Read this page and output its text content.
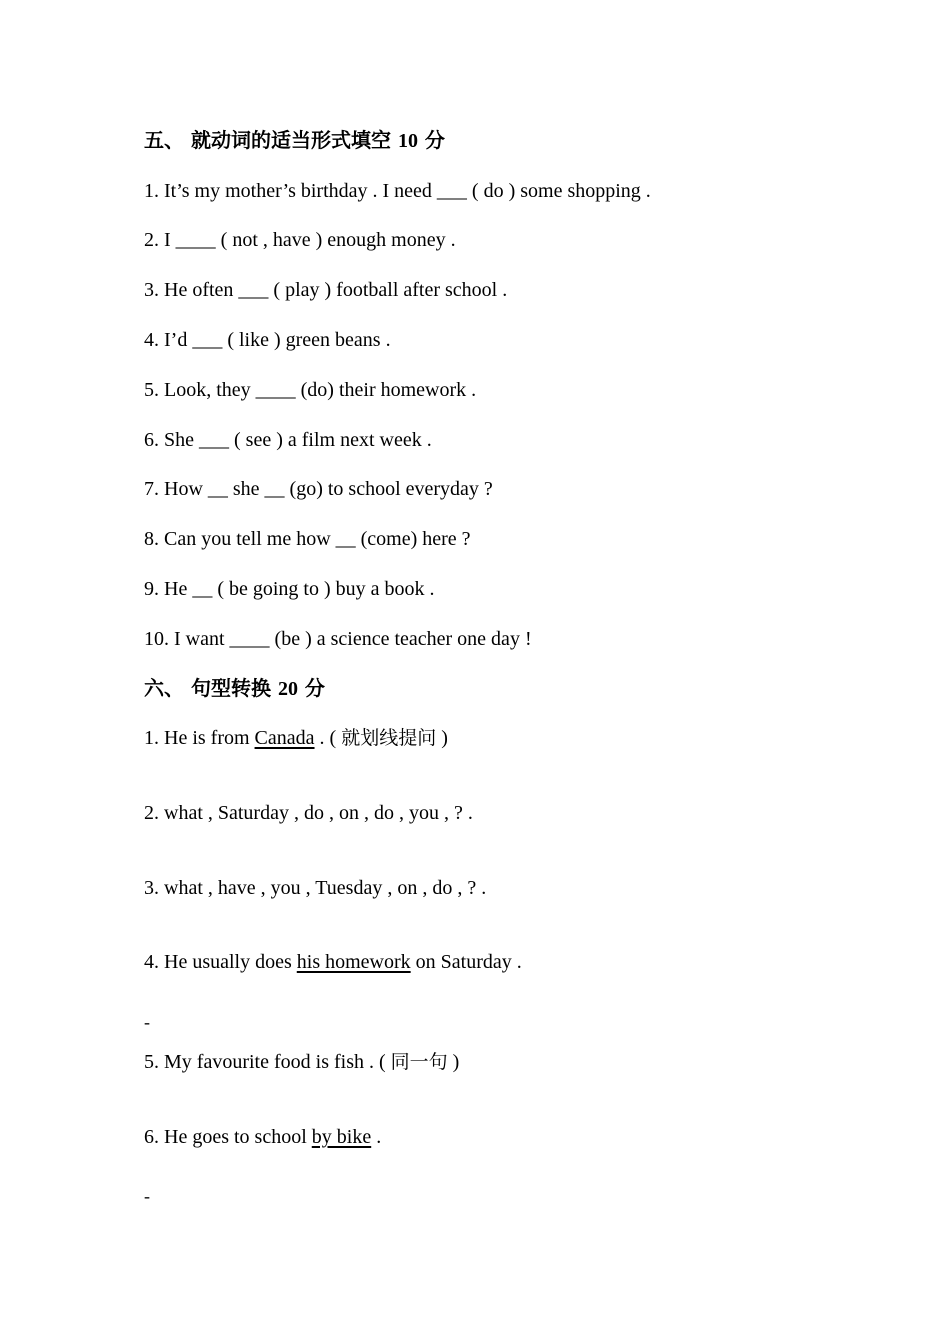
五、 就动词的适当形式填空 10 分
1. It’s my mother’s birthday . I need ___ ( do ) some shopping .
2. I ____ ( not , have ) enough money .
3. He often ___ ( play ) football after school .
4. I’d ___ ( like ) green beans .
5. Look, they ____ (do) their homework .
6. She ___ ( see ) a film next week .
7. How __ she __ (go) to school everyday ?
8. Can you tell me how __ (come) here ?
9. He __ ( be going to ) buy a book .
10. I want ____ (be ) a science teacher one day !
六、 句型转换 20 分
1. He is from Canada . ( 就划线提问 )
2. what , Saturday , do , on , do , you , ? .
3. what , have , you , Tuesday , on , do , ? .
4. He usually does his homework on Saturday .
-
5. My favourite food is fish . ( 同一句 )
6. He goes to school by bike .
-
